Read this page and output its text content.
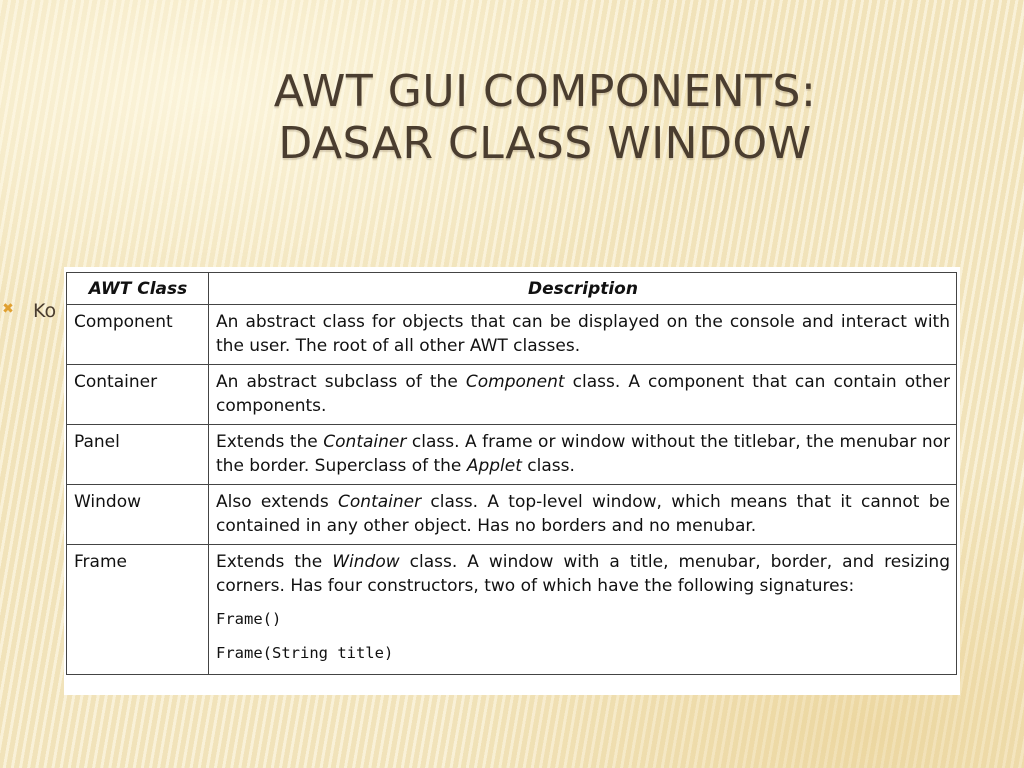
AWT GUI COMPONENTS:
DASAR CLASS WINDOW
✖ Ko
AWT Class	Description
Component	An abstract class for objects that can be displayed on the console and interact with the user. The root of all other AWT classes.

Container	An abstract subclass of the Component class. A component that can contain other components.

Panel	Extends the Container class. A frame or window without the titlebar, the menubar nor the border. Superclass of the Applet class.

Window	Also extends Container class. A top-level window, which means that it cannot be contained in any other object. Has no borders and no menubar.

Frame	Extends the Window class. A window with a title, menubar, border, and resizing corners. Has four constructors, two of which have the following signatures:
Frame()
Frame(String title)
